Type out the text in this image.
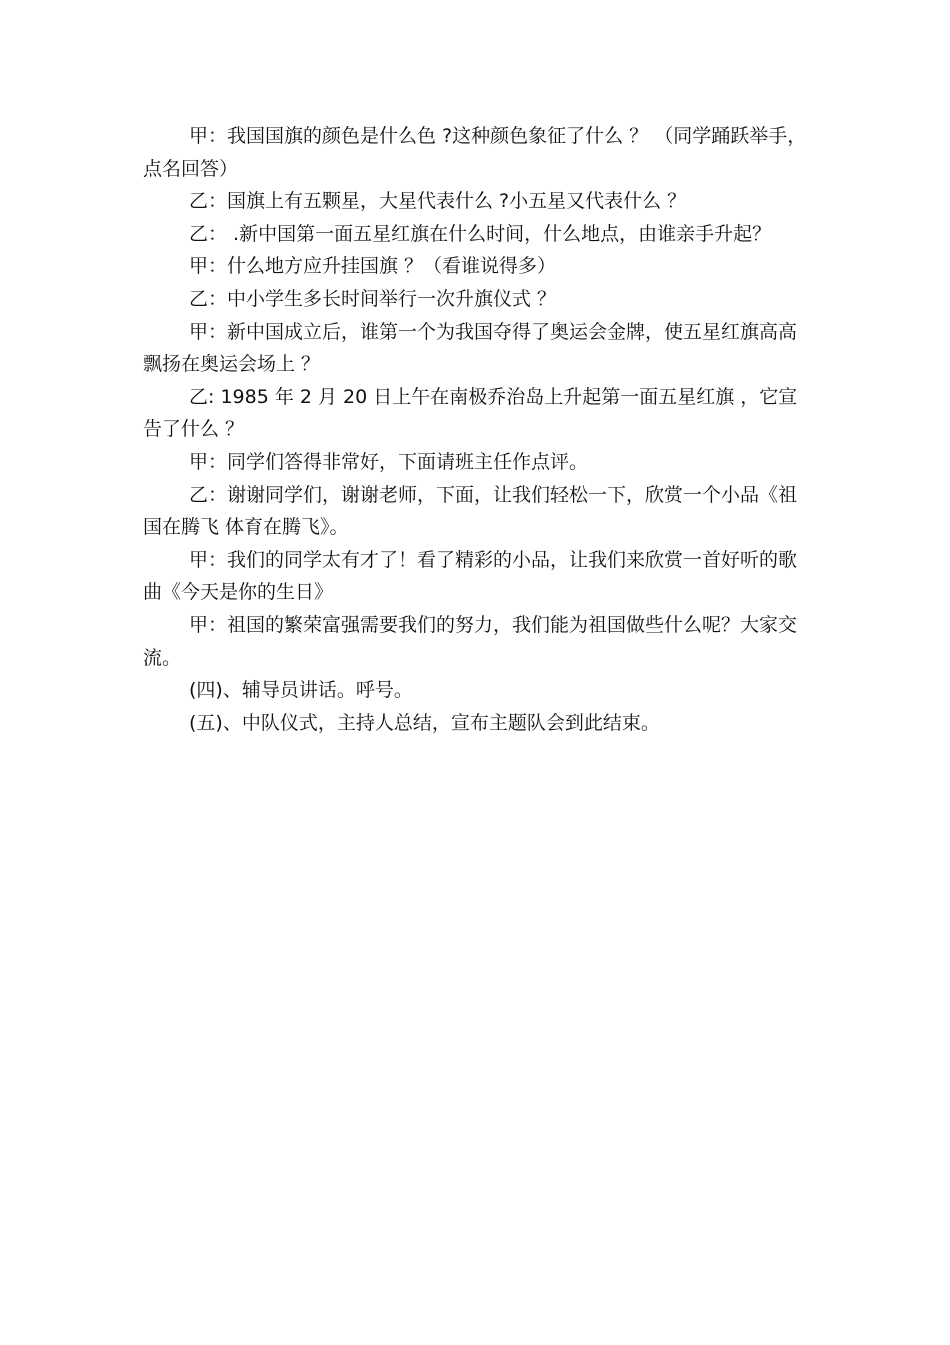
甲：我国国旗的颜色是什么色 ?这种颜色象征了什么 ？ （同学踊跃举手，点名回答）

乙：国旗上有五颗星，大星代表什么 ?小五星又代表什么 ？

乙： .新中国第一面五星红旗在什么时间，什么地点，由谁亲手升起？

甲：什么地方应升挂国旗 ？（看谁说得多）

乙：中小学生多长时间举行一次升旗仪式 ？

甲：新中国成立后，谁第一个为我国夺得了奥运会金牌，使五星红旗高高飘扬在奥运会场上 ？

乙: 1985 年 2 月 20 日上午在南极乔治岛上升起第一面五星红旗 ，它宣告了什么 ？

甲：同学们答得非常好，下面请班主任作点评。

乙：谢谢同学们，谢谢老师，下面，让我们轻松一下，欣赏一个小品《祖国在腾飞 体育在腾飞》。

甲：我们的同学太有才了！看了精彩的小品，让我们来欣赏一首好听的歌曲《今天是你的生日》

甲：祖国的繁荣富强需要我们的努力，我们能为祖国做些什么呢？大家交流。

(四)、辅导员讲话。呼号。

(五)、中队仪式，主持人总结，宣布主题队会到此结束。
